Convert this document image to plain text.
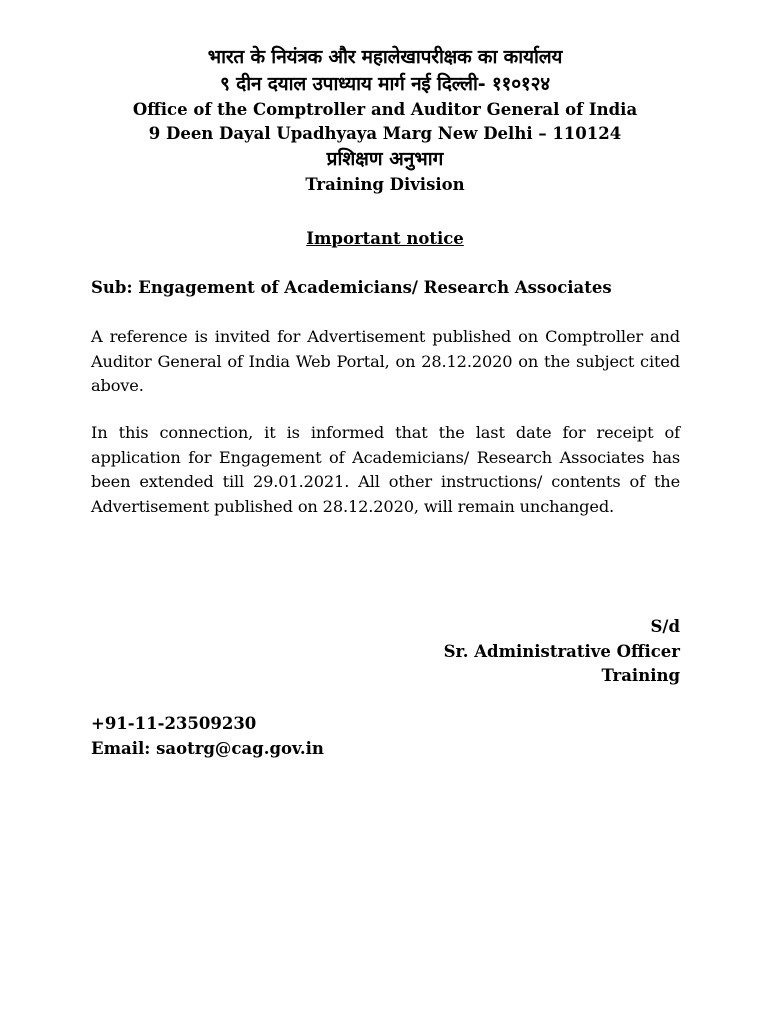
भारत के नियंत्रक और महालेखापरीक्षक का कार्यालय
९ दीन दयाल उपाध्याय मार्ग नई दिल्ली- ११०१२४
Office of the Comptroller and Auditor General of India
9 Deen Dayal Upadhyaya Marg New Delhi – 110124
प्रशिक्षण अनुभाग
Training Division
Important notice
Sub: Engagement of Academicians/ Research Associates
A reference is invited for Advertisement published on Comptroller and Auditor General of India Web Portal, on 28.12.2020 on the subject cited above.
In this connection, it is informed that the last date for receipt of application for Engagement of Academicians/ Research Associates has been extended till 29.01.2021. All other instructions/ contents of the Advertisement published on 28.12.2020, will remain unchanged.
S/d
Sr. Administrative Officer
Training
+91-11-23509230
Email: saotrg@cag.gov.in
